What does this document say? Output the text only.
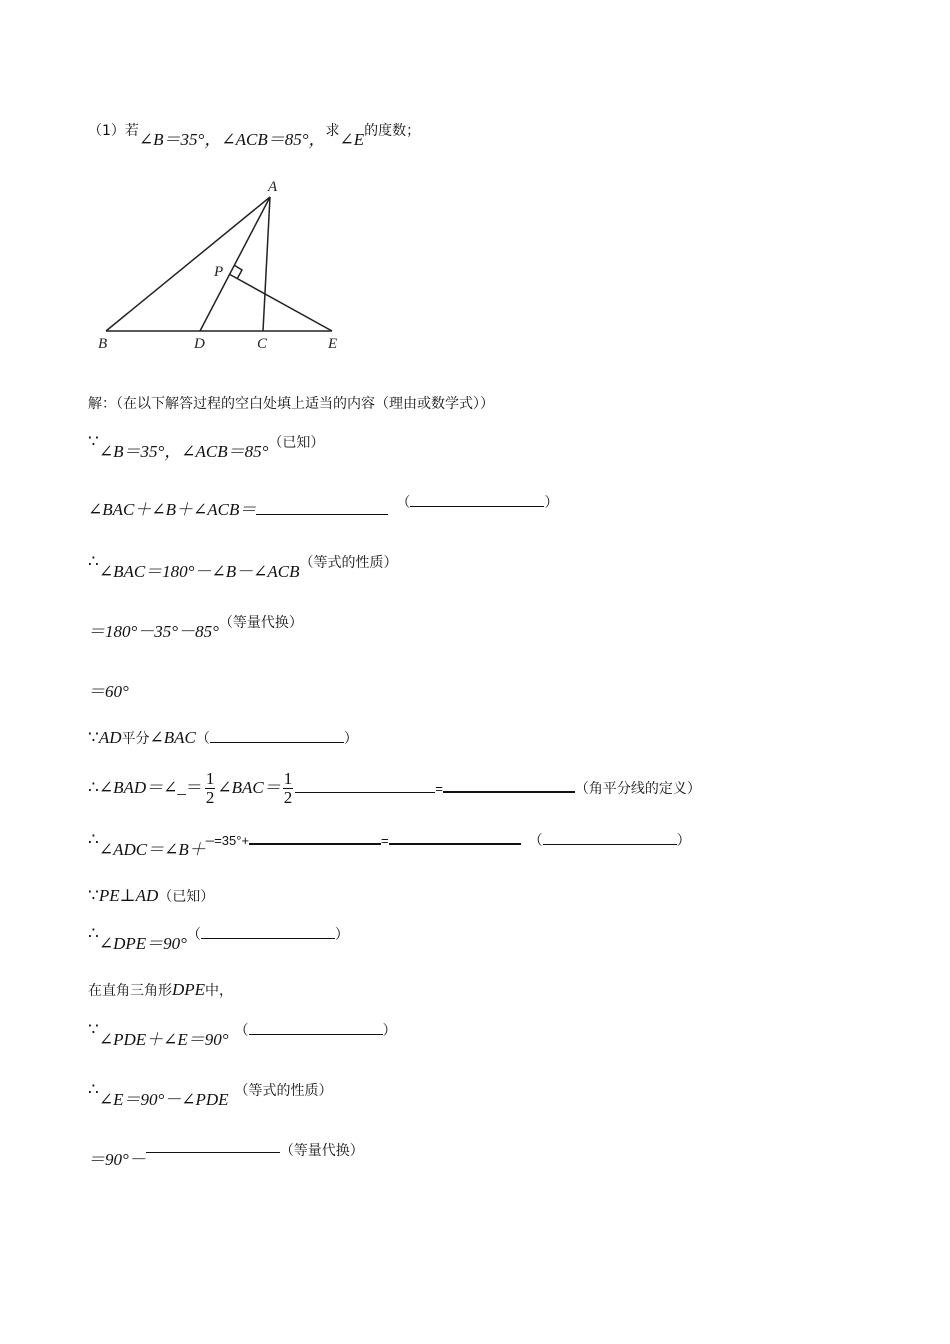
（1）若∠B＝35°，∠ACB＝85°，求∠E的度数；
A
B	D	C	E
P
解：（在以下解答过程的空白处填上适当的内容（理由或数学式））
∵∠B＝35°，∠ACB＝85°（已知）
∠BAC＋∠B＋∠ACB＝	（	）
∴∠BAC＝180°－∠B－∠ACB（等式的性质）
＝180°－35°－85°（等量代换）
＝60°
∵AD平分∠BAC（	）
∴∠BAD＝∠_＝ $\frac{1}{2}$ ∠BAC＝ $\frac{1}{2}$	=	（角平分线的定义）
∴∠ADC＝∠B＋–=35°+	=	（	）
∵PE⊥AD（已知）
∴∠DPE＝90°（	）
在直角三角形DPE中，
∵∠PDE＋∠E＝90° （	）
∴∠E＝90°－∠PDE （等式的性质）
＝90°－	（等量代换）
